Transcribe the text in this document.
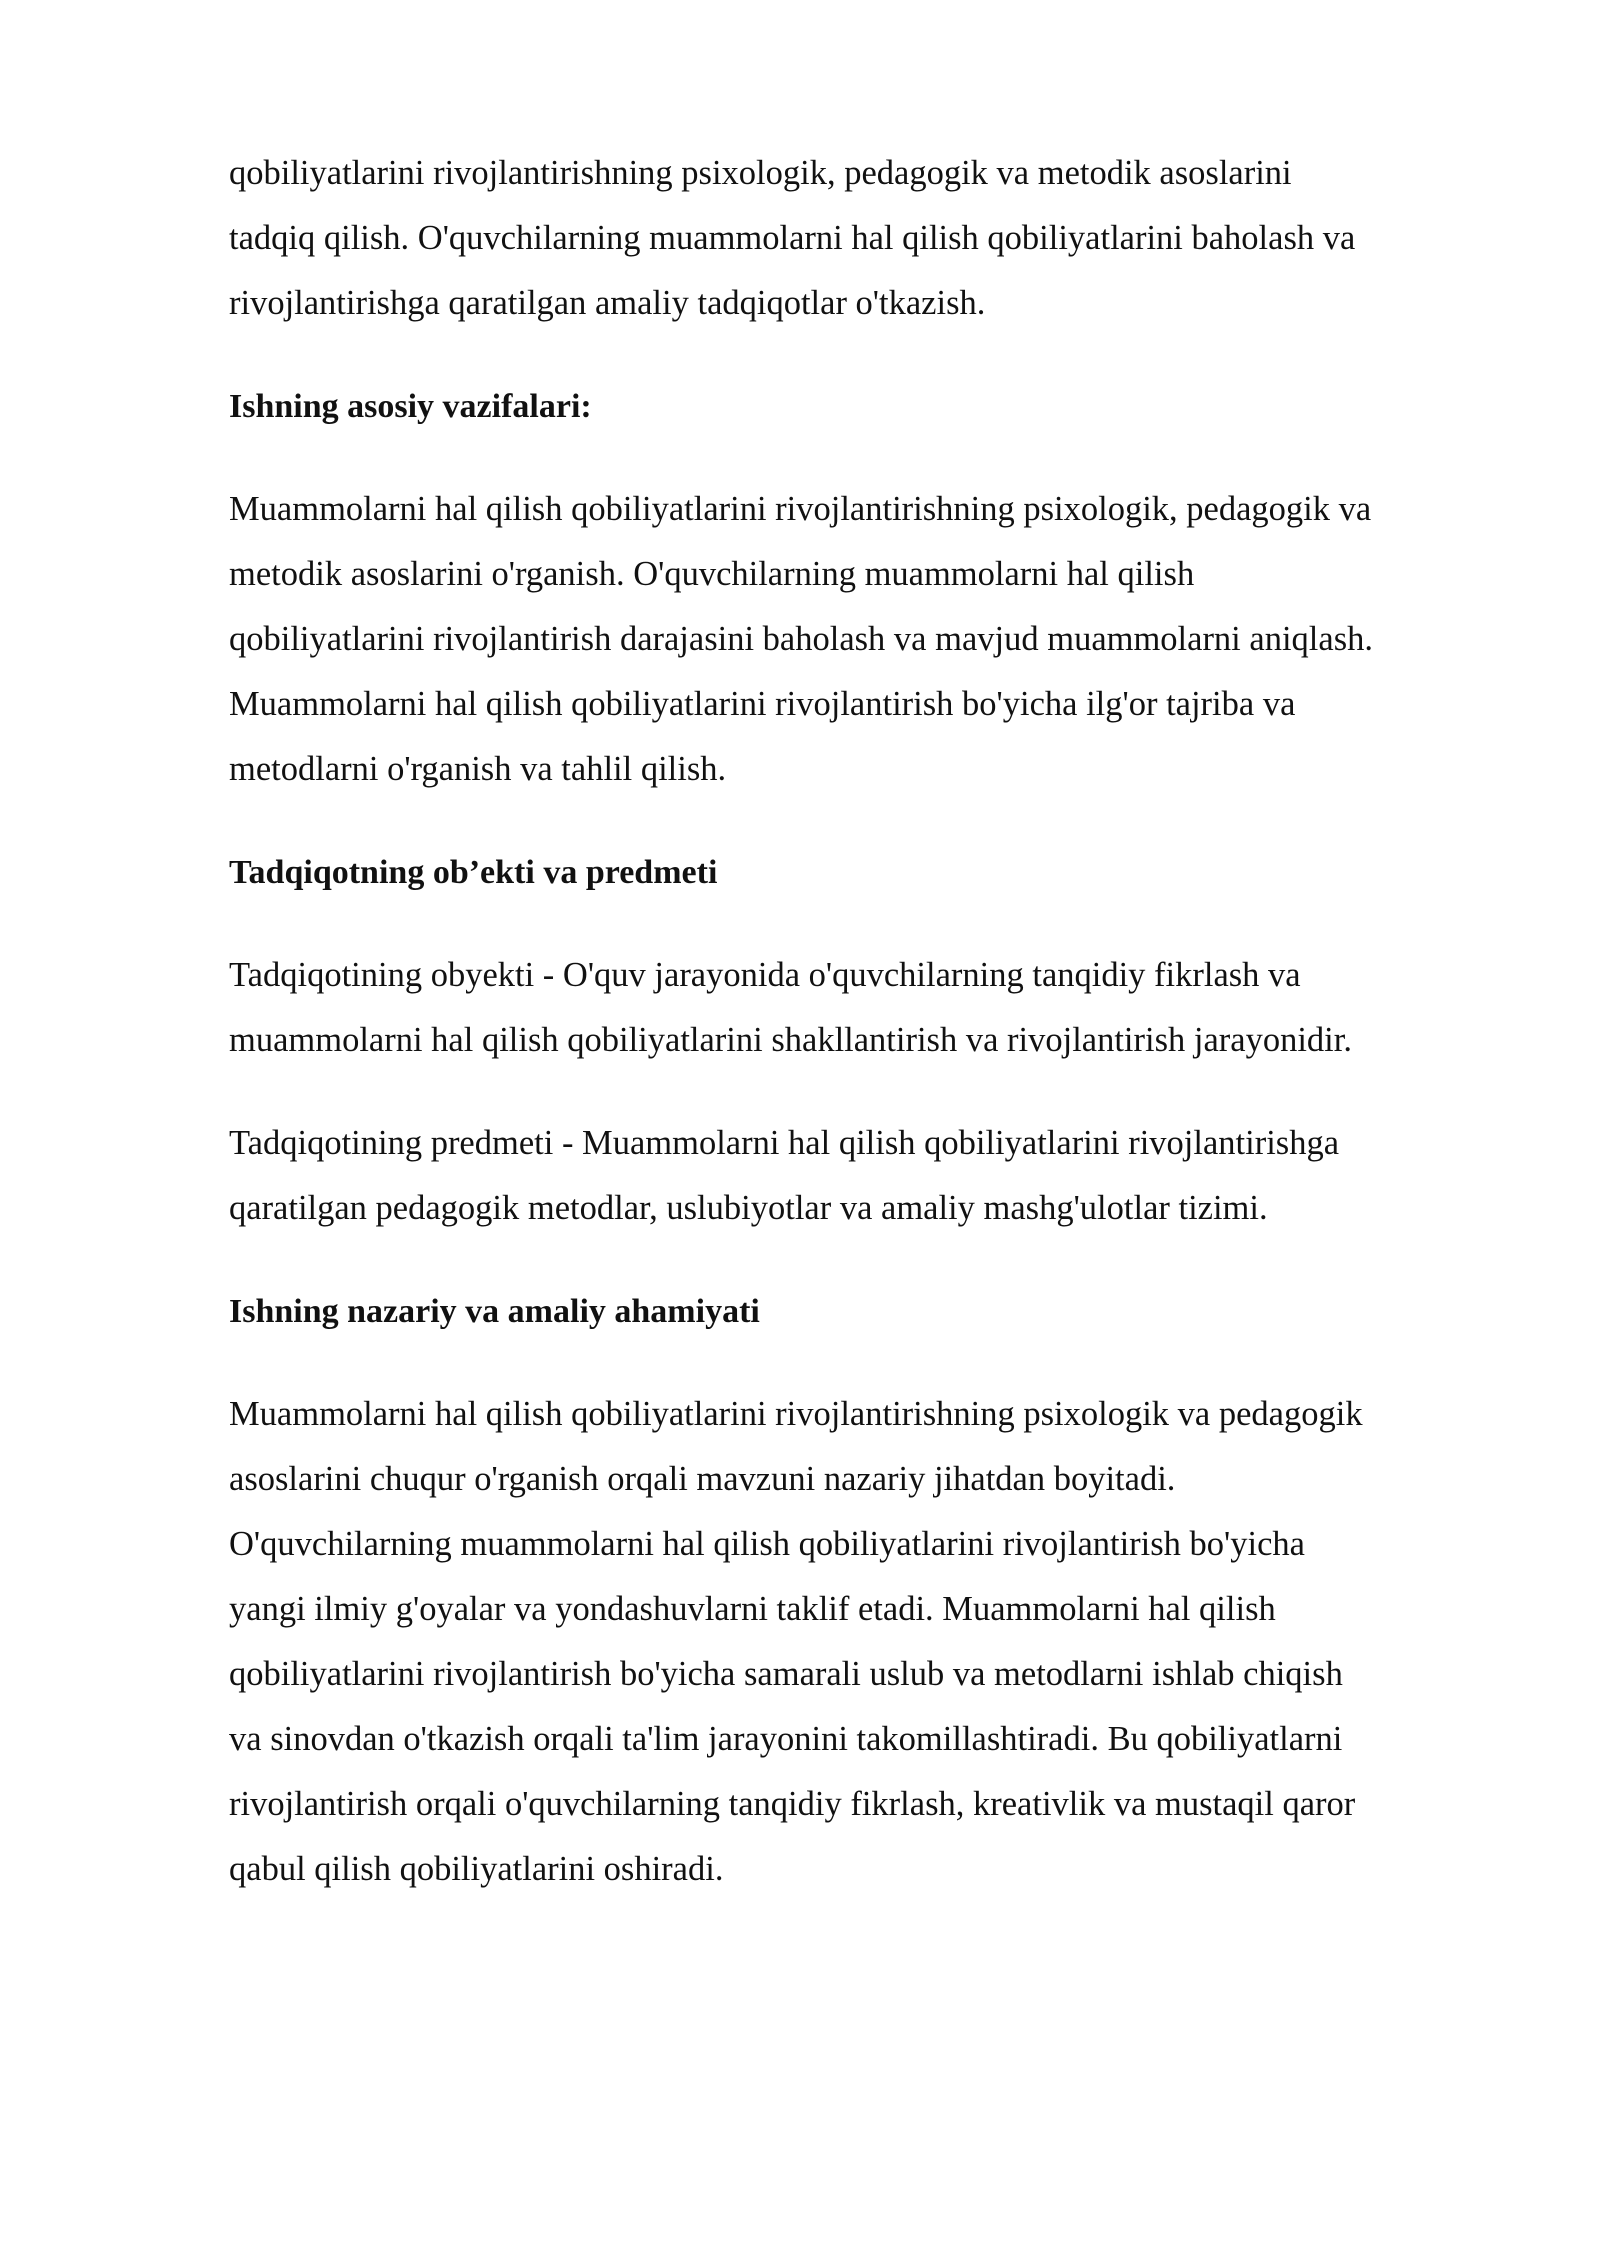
qobiliyatlarini rivojlantirishning psixologik, pedagogik va metodik asoslarini
tadqiq qilish. O'quvchilarning muammolarni hal qilish qobiliyatlarini baholash va
rivojlantirishga qaratilgan amaliy tadqiqotlar o'tkazish.

Ishning asosiy vazifalari:

Muammolarni hal qilish qobiliyatlarini rivojlantirishning psixologik, pedagogik va
metodik asoslarini o'rganish. O'quvchilarning muammolarni hal qilish
qobiliyatlarini rivojlantirish darajasini baholash va mavjud muammolarni aniqlash.
Muammolarni hal qilish qobiliyatlarini rivojlantirish bo'yicha ilg'or tajriba va
metodlarni o'rganish va tahlil qilish.

Tadqiqotning ob’ekti va predmeti

Tadqiqotining obyekti - O'quv jarayonida o'quvchilarning tanqidiy fikrlash va
muammolarni hal qilish qobiliyatlarini shakllantirish va rivojlantirish jarayonidir.

Tadqiqotining predmeti - Muammolarni hal qilish qobiliyatlarini rivojlantirishga
qaratilgan pedagogik metodlar, uslubiyotlar va amaliy mashg'ulotlar tizimi.

Ishning nazariy va amaliy ahamiyati

Muammolarni hal qilish qobiliyatlarini rivojlantirishning psixologik va pedagogik
asoslarini chuqur o'rganish orqali mavzuni nazariy jihatdan boyitadi.
O'quvchilarning muammolarni hal qilish qobiliyatlarini rivojlantirish bo'yicha
yangi ilmiy g'oyalar va yondashuvlarni taklif etadi. Muammolarni hal qilish
qobiliyatlarini rivojlantirish bo'yicha samarali uslub va metodlarni ishlab chiqish
va sinovdan o'tkazish orqali ta'lim jarayonini takomillashtiradi. Bu qobiliyatlarni
rivojlantirish orqali o'quvchilarning tanqidiy fikrlash, kreativlik va mustaqil qaror
qabul qilish qobiliyatlarini oshiradi.
